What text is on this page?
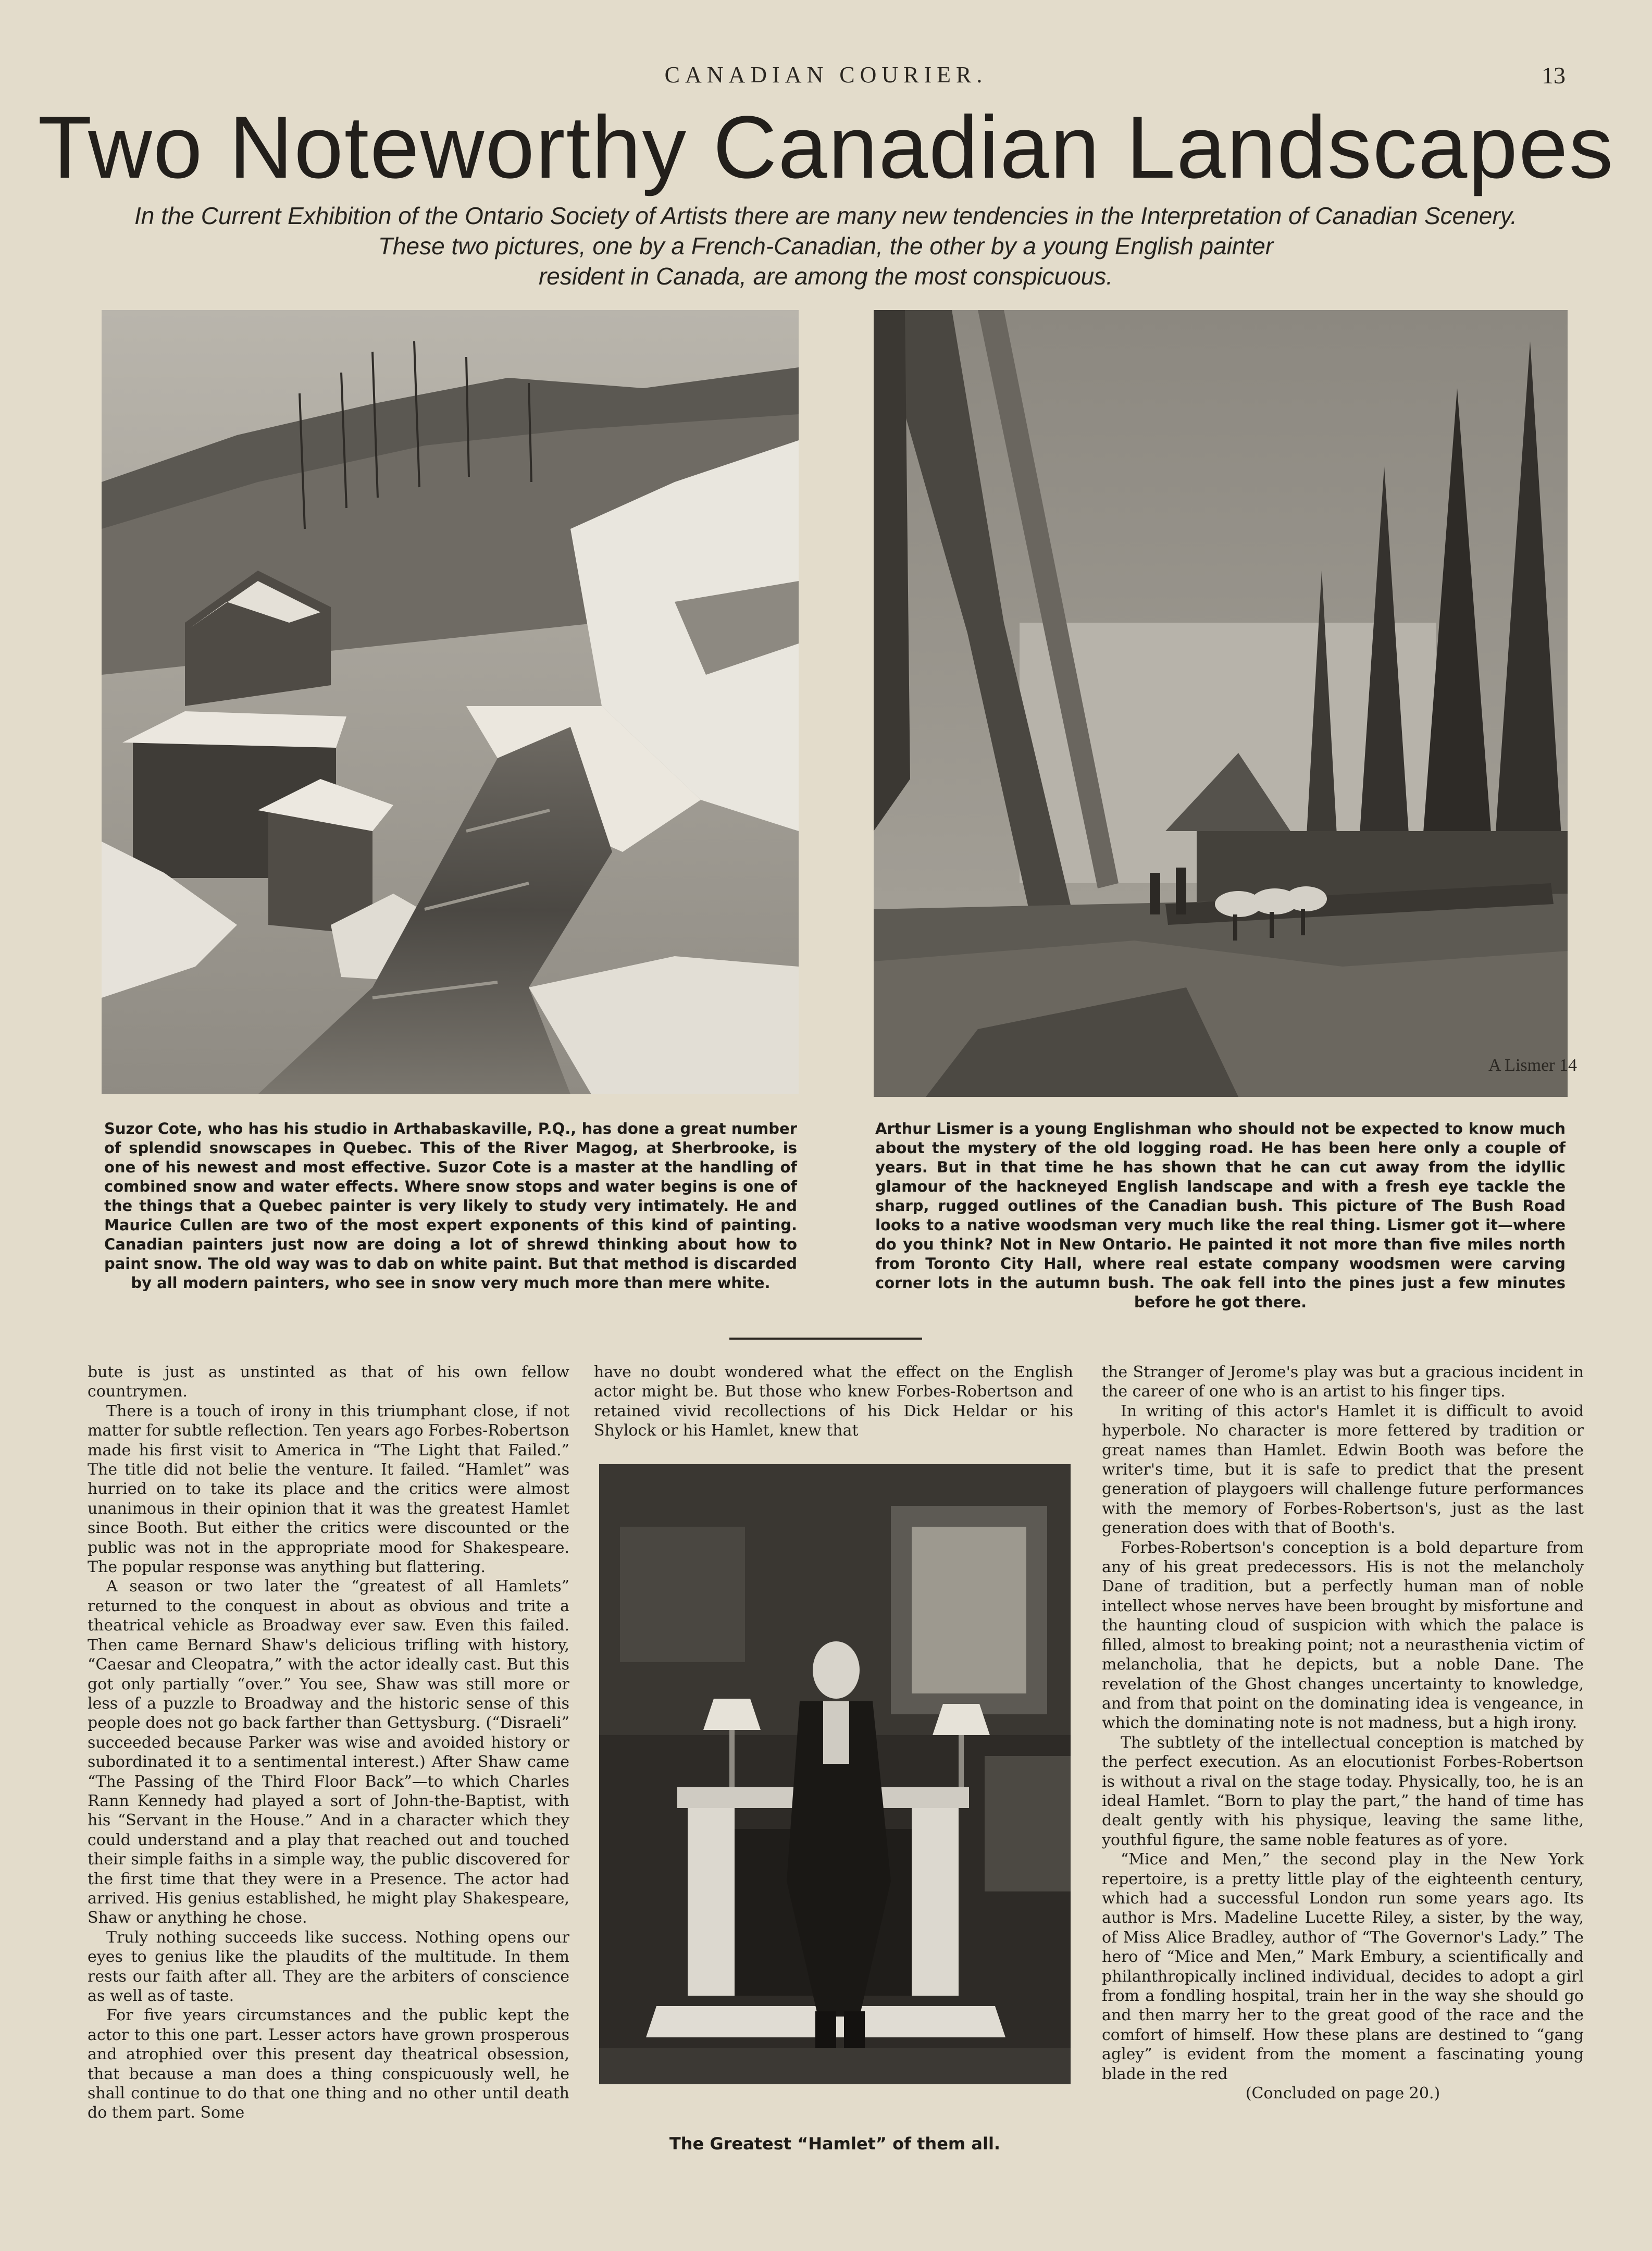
CANADIAN COURIER.	13
Two Noteworthy Canadian Landscapes
In the Current Exhibition of the Ontario Society of Artists there are many new tendencies in the Interpretation of Canadian Scenery.
These two pictures, one by a French-Canadian, the other by a young English painter
resident in Canada, are among the most conspicuous.
A Lismer 14
Suzor Cote, who has his studio in Arthabaskaville, P.Q., has done a great number of splendid snowscapes in Quebec. This of the River Magog, at Sherbrooke, is one of his newest and most effective. Suzor Cote is a master at the handling of combined snow and water effects. Where snow stops and water begins is one of the things that a Quebec painter is very likely to study very intimately. He and Maurice Cullen are two of the most expert exponents of this kind of painting. Canadian painters just now are doing a lot of shrewd thinking about how to paint snow. The old way was to dab on white paint. But that method is discarded by all modern painters, who see in snow very much more than mere white.
Arthur Lismer is a young Englishman who should not be expected to know much about the mystery of the old logging road. He has been here only a couple of years. But in that time he has shown that he can cut away from the idyllic glamour of the hackneyed English landscape and with a fresh eye tackle the sharp, rugged outlines of the Canadian bush. This picture of The Bush Road looks to a native woodsman very much like the real thing. Lismer got it—where do you think? Not in New Ontario. He painted it not more than five miles north from Toronto City Hall, where real estate company woodsmen were carving corner lots in the autumn bush. The oak fell into the pines just a few minutes before he got there.

bute is just as unstinted as that of his own fellow countrymen.

There is a touch of irony in this triumphant close, if not matter for subtle reflection. Ten years ago Forbes-Robertson made his first visit to America in “The Light that Failed.” The title did not belie the venture. It failed. “Hamlet” was hurried on to take its place and the critics were almost unanimous in their opinion that it was the greatest Hamlet since Booth. But either the critics were discounted or the public was not in the appropriate mood for Shakespeare. The popular response was anything but flattering.

A season or two later the “greatest of all Hamlets” returned to the conquest in about as obvious and trite a theatrical vehicle as Broadway ever saw. Even this failed. Then came Bernard Shaw's delicious trifling with history, “Caesar and Cleopatra,” with the actor ideally cast. But this got only partially “over.” You see, Shaw was still more or less of a puzzle to Broadway and the historic sense of this people does not go back farther than Gettysburg. (“Disraeli” succeeded because Parker was wise and avoided history or subordinated it to a sentimental interest.) After Shaw came “The Passing of the Third Floor Back”—to which Charles Rann Kennedy had played a sort of John-the-Baptist, with his “Servant in the House.” And in a character which they could understand and a play that reached out and touched their simple faiths in a simple way, the public discovered for the first time that they were in a Presence. The actor had arrived. His genius established, he might play Shakespeare, Shaw or anything he chose.

Truly nothing succeeds like success. Nothing opens our eyes to genius like the plaudits of the multitude. In them rests our faith after all. They are the arbiters of conscience as well as of taste.

For five years circumstances and the public kept the actor to this one part. Lesser actors have grown prosperous and atrophied over this present day theatrical obsession, that because a man does a thing conspicuously well, he shall continue to do that one thing and no other until death do them part. Some

have no doubt wondered what the effect on the English actor might be. But those who knew Forbes-Robertson and retained vivid recollections of his Dick Heldar or his Shylock or his Hamlet, knew that

The Greatest “Hamlet” of them all.

the Stranger of Jerome's play was but a gracious incident in the career of one who is an artist to his finger tips.

In writing of this actor's Hamlet it is difficult to avoid hyperbole. No character is more fettered by tradition or great names than Hamlet. Edwin Booth was before the writer's time, but it is safe to predict that the present generation of playgoers will challenge future performances with the memory of Forbes-Robertson's, just as the last generation does with that of Booth's.

Forbes-Robertson's conception is a bold departure from any of his great predecessors. His is not the melancholy Dane of tradition, but a perfectly human man of noble intellect whose nerves have been brought by misfortune and the haunting cloud of suspicion with which the palace is filled, almost to breaking point; not a neurasthenia victim of melancholia, that he depicts, but a noble Dane. The revelation of the Ghost changes uncertainty to knowledge, and from that point on the dominating idea is vengeance, in which the dominating note is not madness, but a high irony.

The subtlety of the intellectual conception is matched by the perfect execution. As an elocutionist Forbes-Robertson is without a rival on the stage today. Physically, too, he is an ideal Hamlet. “Born to play the part,” the hand of time has dealt gently with his physique, leaving the same lithe, youthful figure, the same noble features as of yore.

“Mice and Men,” the second play in the New York repertoire, is a pretty little play of the eighteenth century, which had a successful London run some years ago. Its author is Mrs. Madeline Lucette Riley, a sister, by the way, of Miss Alice Bradley, author of “The Governor's Lady.” The hero of “Mice and Men,” Mark Embury, a scientifically and philanthropically inclined individual, decides to adopt a girl from a fondling hospital, train her in the way she should go and then marry her to the great good of the race and the comfort of himself. How these plans are destined to “gang agley” is evident from the moment a fascinating young blade in the red

(Concluded on page 20.)
